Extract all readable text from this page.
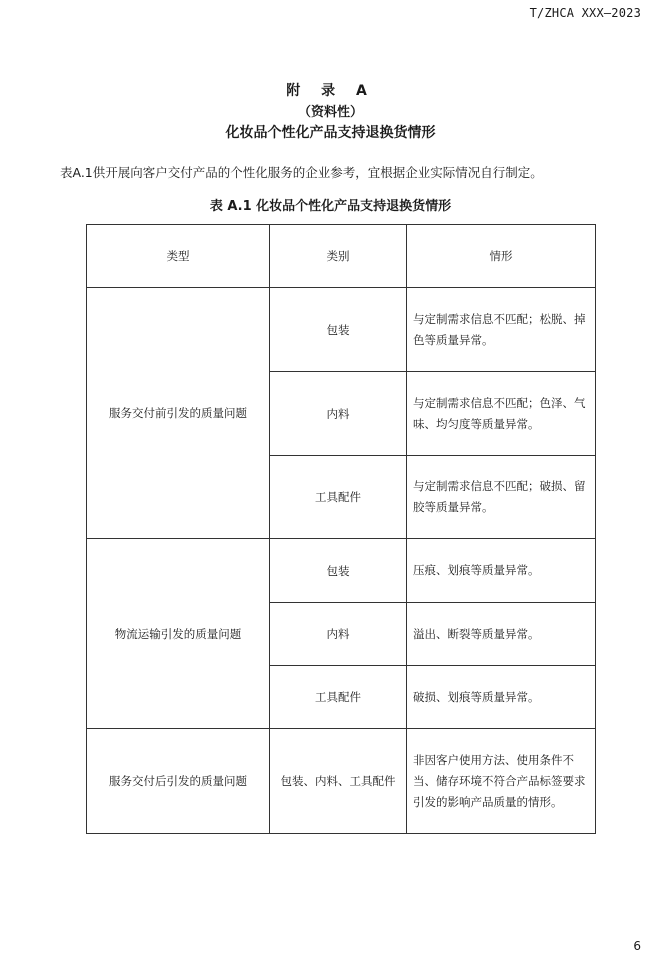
T/ZHCA XXX—2023
附 录 A
（资料性）
化妆品个性化产品支持退换货情形
表A.1供开展向客户交付产品的个性化服务的企业参考，宜根据企业实际情况自行制定。
表 A.1 化妆品个性化产品支持退换货情形
类型	类别	情形
服务交付前引发的质量问题	包装	与定制需求信息不匹配；松脱、掉色等质量异常。
	内料	与定制需求信息不匹配；色泽、气味、均匀度等质量异常。
	工具配件	与定制需求信息不匹配；破损、留胶等质量异常。
物流运输引发的质量问题	包装	压痕、划痕等质量异常。
	内料	溢出、断裂等质量异常。
	工具配件	破损、划痕等质量异常。
服务交付后引发的质量问题	包装、内料、工具配件	非因客户使用方法、使用条件不当、储存环境不符合产品标签要求引发的影响产品质量的情形。
6
